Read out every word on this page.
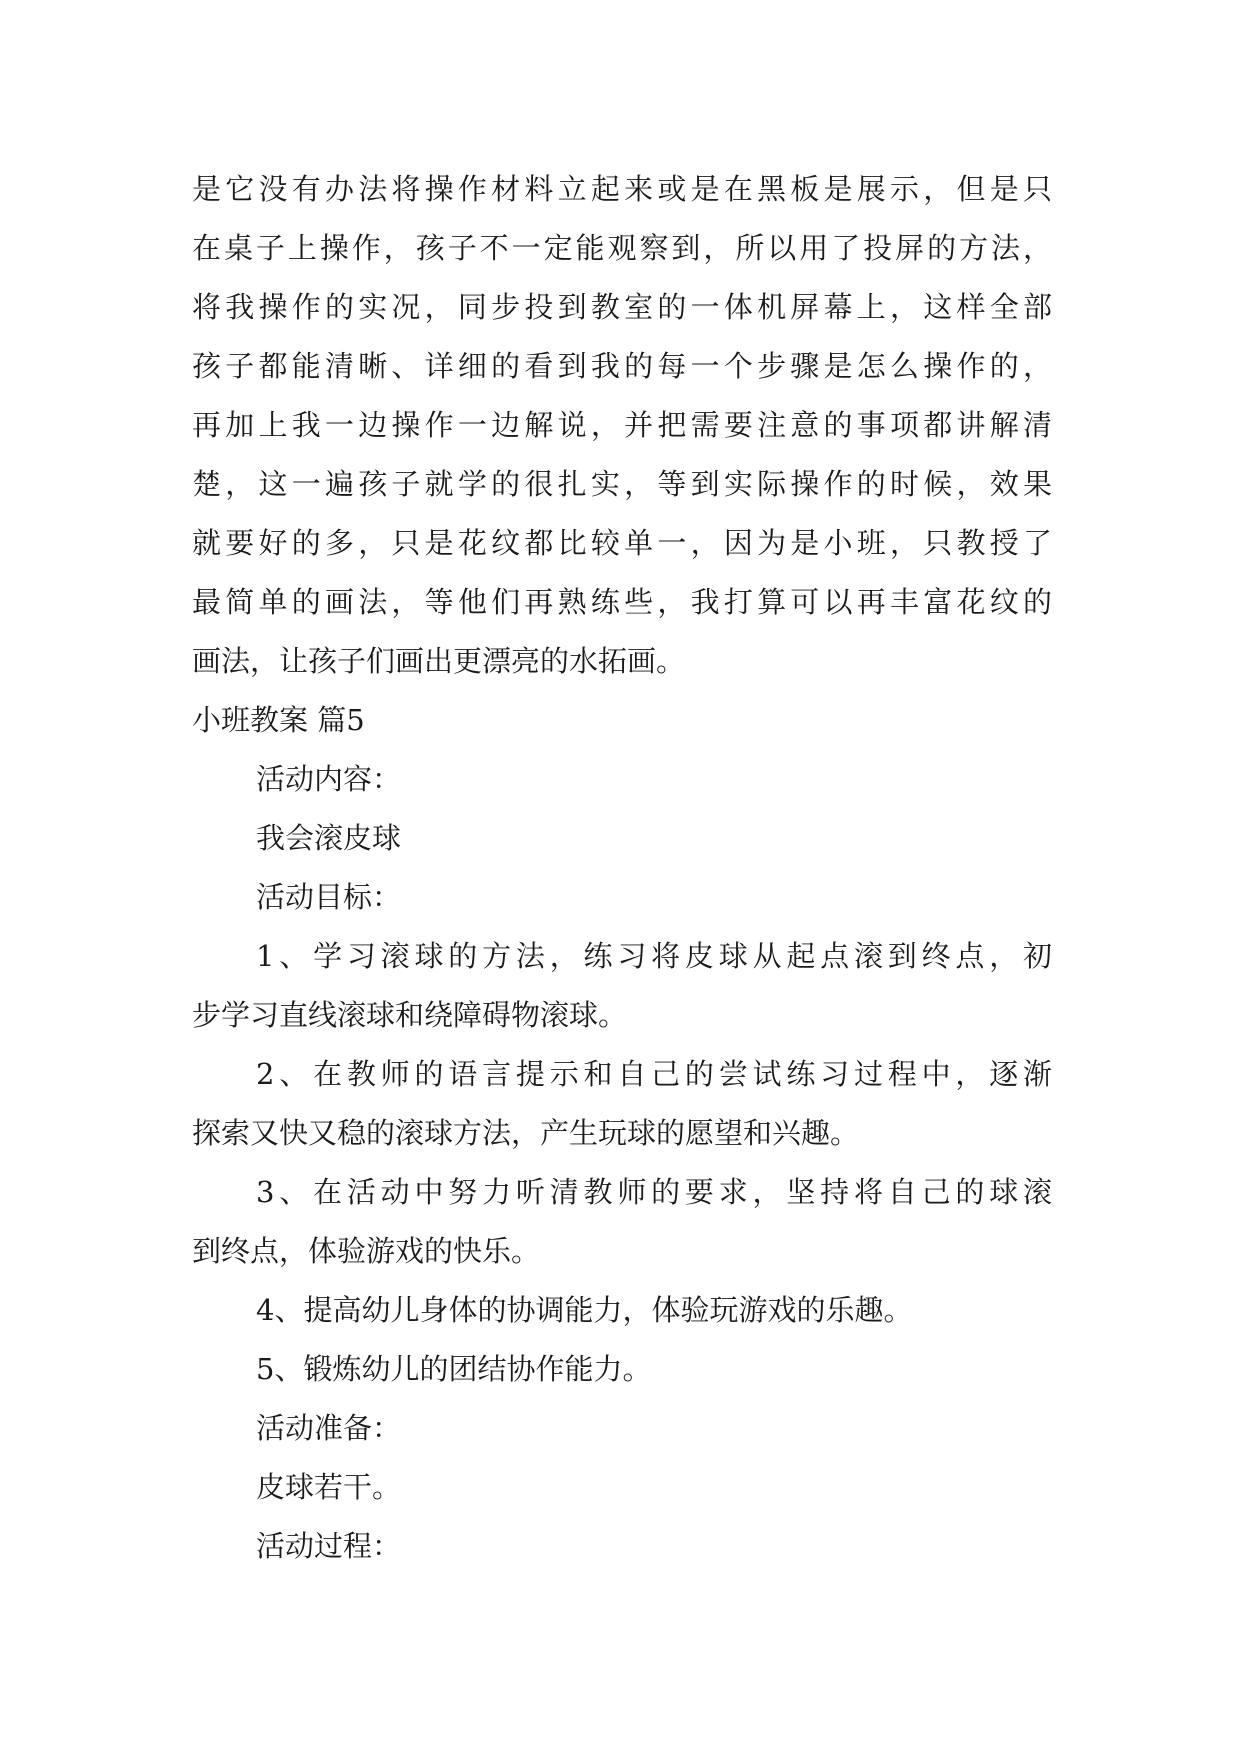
是它没有办法将操作材料立起来或是在黑板是展示，但是只
在桌子上操作，孩子不一定能观察到，所以用了投屏的方法，
将我操作的实况，同步投到教室的一体机屏幕上，这样全部
孩子都能清晰、详细的看到我的每一个步骤是怎么操作的，
再加上我一边操作一边解说，并把需要注意的事项都讲解清
楚，这一遍孩子就学的很扎实，等到实际操作的时候，效果
就要好的多，只是花纹都比较单一，因为是小班，只教授了
最简单的画法，等他们再熟练些，我打算可以再丰富花纹的
画法，让孩子们画出更漂亮的水拓画。
小班教案 篇5
活动内容：
我会滚皮球
活动目标：
1、学习滚球的方法，练习将皮球从起点滚到终点，初
步学习直线滚球和绕障碍物滚球。
2、在教师的语言提示和自己的尝试练习过程中，逐渐
探索又快又稳的滚球方法，产生玩球的愿望和兴趣。
3、在活动中努力听清教师的要求，坚持将自己的球滚
到终点，体验游戏的快乐。
4、提高幼儿身体的协调能力，体验玩游戏的乐趣。
5、锻炼幼儿的团结协作能力。
活动准备：
皮球若干。
活动过程：
